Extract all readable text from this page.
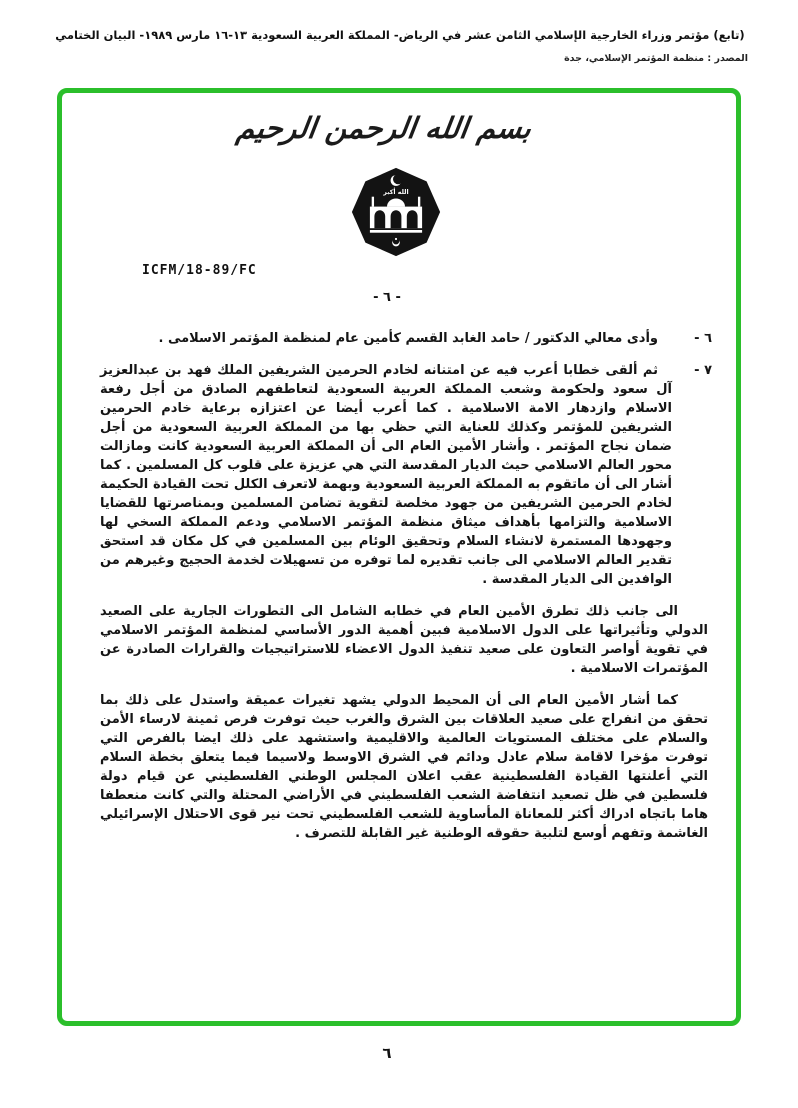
(تابع) مؤتمر وزراء الخارجية الإسلامي الثامن عشر في الرياض- المملكة العربية السعودية ١٣-١٦ مارس ١٩٨٩- البيان الختامي
المصدر : منظمة المؤتمر الإسلامي، جدة
بسم الله الرحمن الرحيم
الله أكبر
ICFM/18-89/FC
- ٦ -
٦ -
وأدى معالي الدكتور / حامد الغابد القسم كأمين عام لمنظمة المؤتمر الاسلامى .
٧ -
ثم ألقى خطابا أعرب فيه عن امتنانه لخادم الحرمين الشريفين الملك فهد بن عبدالعزيز آل سعود ولحكومة وشعب المملكة العربية السعودية لتعاطفهم الصادق من أجل رفعة الاسلام وازدهار الامة الاسلامية . كما أعرب أيضا عن اعتزازه برعاية خادم الحرمين الشريفين للمؤتمر وكذلك للعناية التي حظي بها من المملكة العربية السعودية من أجل ضمان نجاح المؤتمر . وأشار الأمين العام الى أن المملكة العربية السعودية كانت ومازالت محور العالم الاسلامي حيث الديار المقدسة التي هي عزيزة على قلوب كل المسلمين . كما أشار الى أن ماتقوم به المملكة العربية السعودية وبهمة لاتعرف الكلل تحت القيادة الحكيمة لخادم الحرمين الشريفين من جهود مخلصة لتقوية تضامن المسلمين وبمناصرتها للقضايا الاسلامية والتزامها بأهداف ميثاق منظمة المؤتمر الاسلامي ودعم المملكة السخي لها وجهودها المستمرة لانشاء السلام وتحقيق الوئام بين المسلمين في كل مكان قد استحق تقدير العالم الاسلامي الى جانب تقديره لما توفره من تسهيلات لخدمة الحجيج وغيرهم من الوافدين الى الديار المقدسة .
الى جانب ذلك تطرق الأمين العام في خطابه الشامل الى التطورات الجارية على الصعيد الدولي وتأثيراتها على الدول الاسلامية فبين أهمية الدور الأساسي لمنظمة المؤتمر الاسلامي في تقوية أواصر التعاون على صعيد تنفيذ الدول الاعضاء للاستراتيجيات والقرارات الصادرة عن المؤتمرات الاسلامية .
كما أشار الأمين العام الى أن المحيط الدولي يشهد تغيرات عميقة واستدل على ذلك بما تحقق من انفراج على صعيد العلاقات بين الشرق والغرب حيث توفرت فرص ثمينة لارساء الأمن والسلام على مختلف المستويات العالمية والاقليمية واستشهد على ذلك ايضا بالفرص التي توفرت مؤخرا لاقامة سلام عادل ودائم في الشرق الاوسط ولاسيما فيما يتعلق بخطة السلام التي أعلنتها القيادة الفلسطينية عقب اعلان المجلس الوطني الفلسطيني عن قيام دولة فلسطين في ظل تصعيد انتفاضة الشعب الفلسطيني في الأراضي المحتلة والتي كانت منعطفا هاما باتجاه ادراك أكثر للمعاناة المأساوية للشعب الفلسطيني تحت نير قوى الاحتلال الإسرائيلي الغاشمة وتفهم أوسع لتلبية حقوقه الوطنية غير القابلة للتصرف .
٦
